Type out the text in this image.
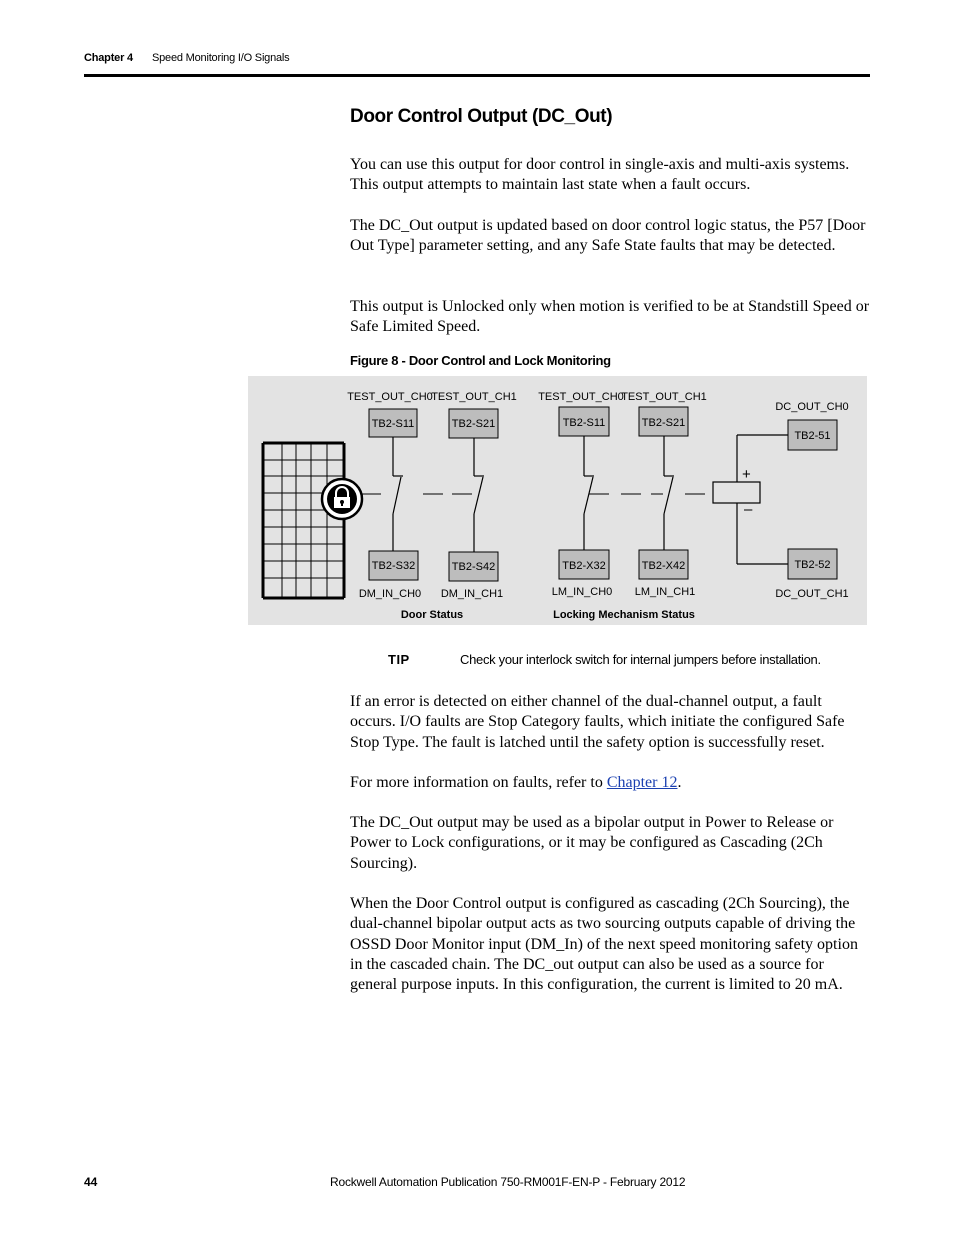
Chapter 4 Speed Monitoring I/O Signals
Door Control Output (DC_Out)
You can use this output for door control in single-axis and multi-axis systems. This output attempts to maintain last state when a fault occurs.
The DC_Out output is updated based on door control logic status, the P57 [Door Out Type] parameter setting, and any Safe State faults that may be detected.
This output is Unlocked only when motion is verified to be at Standstill Speed or Safe Limited Speed.
Figure 8 - Door Control and Lock Monitoring
+
–
TB2-S11	TB2-S21	TB2-S11	TB2-S21
TB2-S32	TB2-S42	TB2-X32	TB2-X42
TB2-51
TB2-52
TEST_OUT_CH0
TEST_OUT_CH1 TEST_OUT_CH0
TEST_OUT_CH1
DC_OUT_CH0
DM_IN_CH0 DM_IN_CH1	LM_IN_CH0 LM_IN_CH1	DC_OUT_CH1
Door Status	Locking Mechanism Status
TIP	Check your interlock switch for internal jumpers before installation.
If an error is detected on either channel of the dual-channel output, a fault occurs. I/O faults are Stop Category faults, which initiate the configured Safe Stop Type. The fault is latched until the safety option is successfully reset.
For more information on faults, refer to Chapter 12.
The DC_Out output may be used as a bipolar output in Power to Release or Power to Lock configurations, or it may be configured as Cascading (2Ch Sourcing).
When the Door Control output is configured as cascading (2Ch Sourcing), the dual-channel bipolar output acts as two sourcing outputs capable of driving the OSSD Door Monitor input (DM_In) of the next speed monitoring safety option in the cascaded chain. The DC_out output can also be used as a source for general purpose inputs. In this configuration, the current is limited to 20 mA.
44	Rockwell Automation Publication 750-RM001F-EN-P - February 2012
